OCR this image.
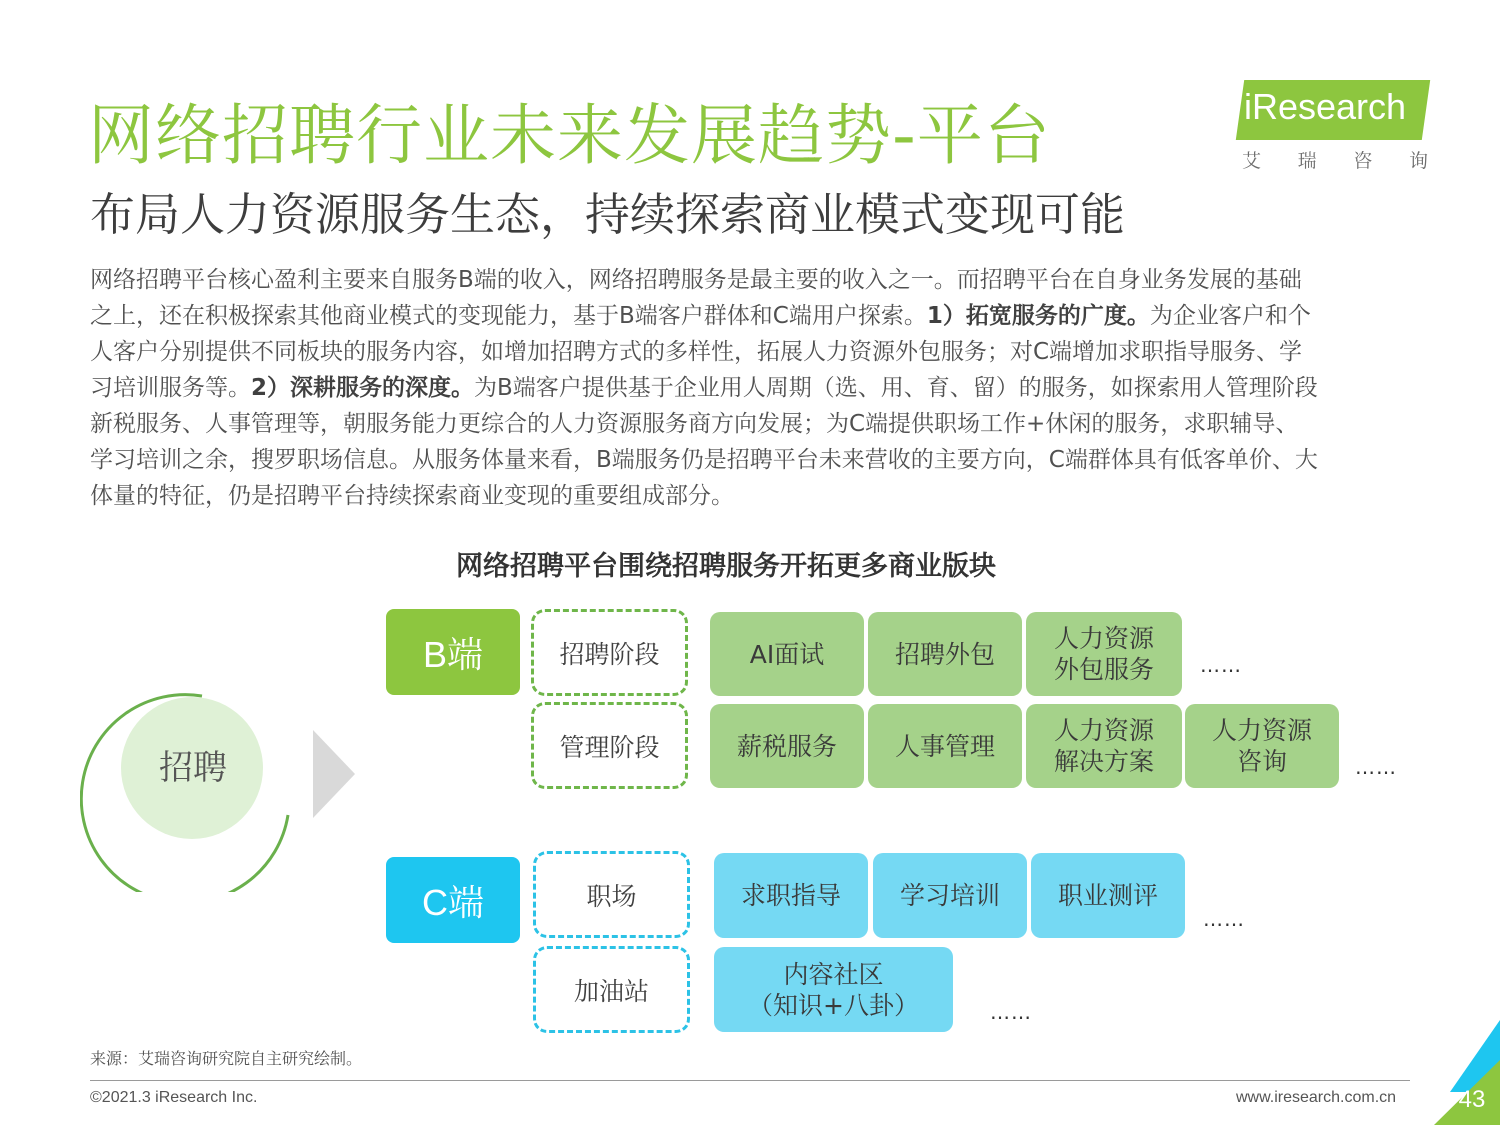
网络招聘行业未来发展趋势-平台
布局人力资源服务生态，持续探索商业模式变现可能
iResearch
艾 瑞 咨 询

网络招聘平台核心盈利主要来自服务B端的收入，网络招聘服务是最主要的收入之一。而招聘平台在自身业务发展的基础

之上，还在积极探索其他商业模式的变现能力，基于B端客户群体和C端用户探索。1）拓宽服务的广度。为企业客户和个

人客户分别提供不同板块的服务内容，如增加招聘方式的多样性，拓展人力资源外包服务；对C端增加求职指导服务、学

习培训服务等。2）深耕服务的深度。为B端客户提供基于企业用人周期（选、用、育、留）的服务，如探索用人管理阶段

新税服务、人事管理等，朝服务能力更综合的人力资源服务商方向发展；为C端提供职场工作+休闲的服务，求职辅导、

学习培训之余，搜罗职场信息。从服务体量来看，B端服务仍是招聘平台未来营收的主要方向，C端群体具有低客单价、大

体量的特征，仍是招聘平台持续探索商业变现的重要组成部分。

网络招聘平台围绕招聘服务开拓更多商业版块
招聘
B端	招聘阶段
管理阶段
AI面试	招聘外包
人力资源
外包服务	……
薪税服务	人事管理
人力资源
解决方案
人力资源
咨询	……
C端	职场
加油站
求职指导	学习培训	职业测评
……
内容社区
（知识+八卦）	……
来源：艾瑞咨询研究院自主研究绘制。
©2021.3 iResearch Inc.	www.iresearch.com.cn	43
